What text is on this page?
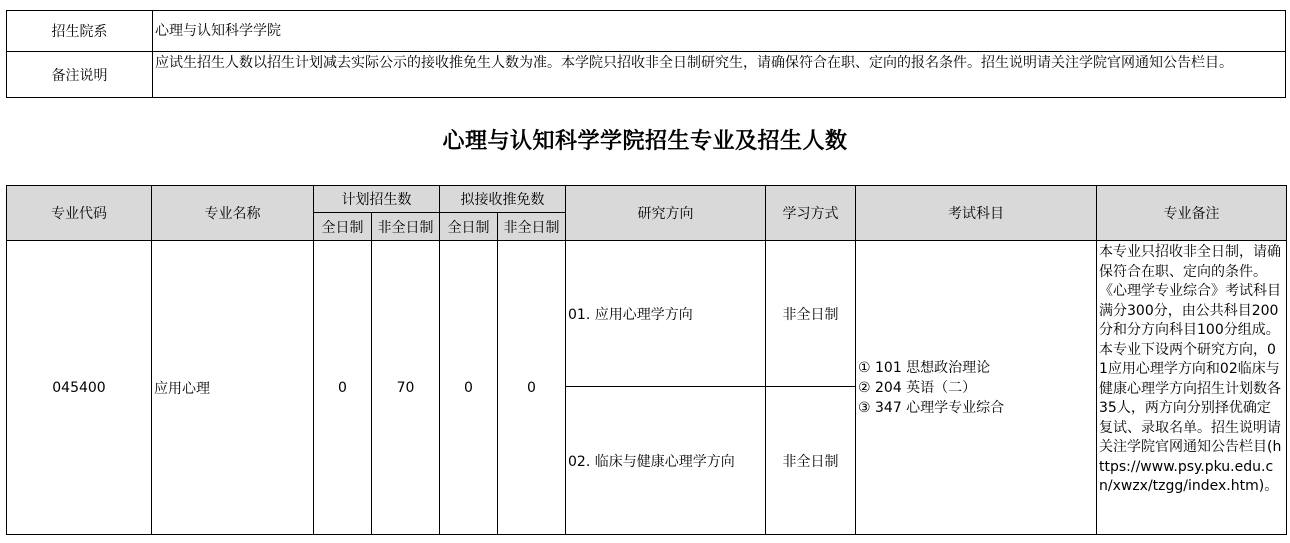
招生院系	心理与认知科学学院
备注说明	应试生招生人数以招生计划减去实际公示的接收推免生人数为准。本学院只招收非全日制研究生，请确保符合在职、定向的报名条件。招生说明请关注学院官网通知公告栏目。
心理与认知科学学院招生专业及招生人数
专业代码	专业名称	计划招生数		拟接收推免数		研究方向	学习方式	考试科目	专业备注
		全日制	非全日制	全日制	非全日制				
045400	应用心理	0	70	0	0	01. 应用心理学方向	非全日制	① 101 思想政治理论
② 204 英语（二）
③ 347 心理学专业综合	本专业只招收非全日制，请确保符合在职、定向的条件。《心理学专业综合》考试科目满分300分，由公共科目200分和分方向科目100分组成。本专业下设两个研究方向，01应用心理学方向和02临床与健康心理学方向招生计划数各35人，两方向分别择优确定复试、录取名单。招生说明请关注学院官网通知公告栏目(https://www.psy.pku.edu.cn/xwzx/tzgg/index.htm)。
						02. 临床与健康心理学方向	非全日制		
